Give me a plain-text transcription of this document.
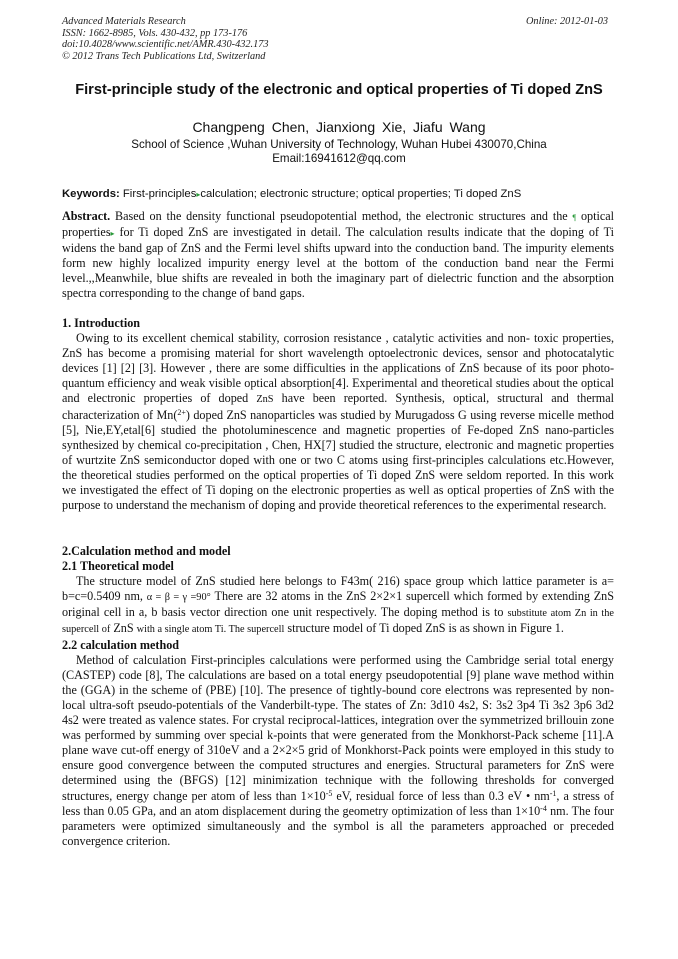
Advanced Materials Research
ISSN: 1662-8985, Vols. 430-432, pp 173-176
doi:10.4028/www.scientific.net/AMR.430-432.173
© 2012 Trans Tech Publications Ltd, Switzerland
Online: 2012-01-03
First-principle study of the electronic and optical properties of Ti doped ZnS
Changpeng Chen, Jianxiong Xie, Jiafu Wang
School of Science ,Wuhan University of Technology, Wuhan Hubei 430070,China
Email:16941612@qq.com
Keywords: First-principles▸calculation; electronic structure; optical properties; Ti doped ZnS

Abstract. Based on the density functional pseudopotential method, the electronic structures and the ¶ optical properties▸ for Ti doped ZnS are investigated in detail. The calculation results indicate that the doping of Ti widens the band gap of ZnS and the Fermi level shifts upward into the conduction band. The impurity elements form new highly localized impurity energy level at the bottom of the conduction band near the Fermi level.,,Meanwhile, blue shifts are revealed in both the imaginary part of dielectric function and the absorption spectra corresponding to the change of band gaps.

1. Introduction

Owing to its excellent chemical stability, corrosion resistance , catalytic activities and non- toxic properties, ZnS has become a promising material for short wavelength optoelectronic devices, sensor and photocatalytic devices [1] [2] [3]. However , there are some difficulties in the applications of ZnS because of its poor photo-quantum efficiency and weak visible optical absorption[4]. Experimental and theoretical studies about the optical and electronic properties of doped ZnS have been reported. Synthesis, optical, structural and thermal characterization of Mn($^{2+}$) doped ZnS nanoparticles was studied by Murugadoss G using reverse micelle method [5], Nie,EY,etal[6] studied the photoluminescence and magnetic properties of Fe-doped ZnS nano-particles synthesized by chemical co-precipitation , Chen, HX[7] studied the structure, electronic and magnetic properties of wurtzite ZnS semiconductor doped with one or two C atoms using first-principles calculations etc.However, the theoretical studies performed on the optical properties of Ti doped ZnS were seldom reported. In this work we investigated the effect of Ti doping on the electronic properties as well as optical properties of ZnS with the purpose to understand the mechanism of doping and provide theoretical references to the experimental research.

2.Calculation method and model

2.1 Theoretical model

The structure model of ZnS studied here belongs to F43m( 216) space group which lattice parameter is a= b=c=0.5409 nm, α = β = γ =90° There are 32 atoms in the ZnS 2×2×1 supercell which formed by extending ZnS original cell in a, b basis vector direction one unit respectively. The doping method is to substitute atom Zn in the supercell of ZnS with a single atom Ti. The supercell structure model of Ti doped ZnS is as shown in Figure 1.

2.2 calculation method

Method of calculation First-principles calculations were performed using the Cambridge serial total energy (CASTEP) code [8], The calculations are based on a total energy pseudopotential [9] plane wave method within the (GGA) in the scheme of (PBE) [10]. The presence of tightly-bound core electrons was represented by non-local ultra-soft pseudo-potentials of the Vanderbilt-type. The states of Zn: 3d10 4s2, S: 3s2 3p4 Ti 3s2 3p6 3d2 4s2 were treated as valence states. For crystal reciprocal-lattices, integration over the symmetrized brillouin zone was performed by summing over special k-points that were generated from the Monkhorst-Pack scheme [11].A plane wave cut-off energy of 310eV and a 2×2×5 grid of Monkhorst-Pack points were employed in this study to ensure good convergence between the computed structures and energies. Structural parameters for ZnS were determined using the (BFGS) [12] minimization technique with the following thresholds for converged structures, energy change per atom of less than $1\times 10^{-5}$ eV, residual force of less than 0.3 eV • $nm^{-1}$, a stress of less than 0.05 GPa, and an atom displacement during the geometry optimization of less than $1\times 10^{-4}$ nm. The four parameters were optimized simultaneously and the symbol is all the parameters approached or preceded convergence criterion.
